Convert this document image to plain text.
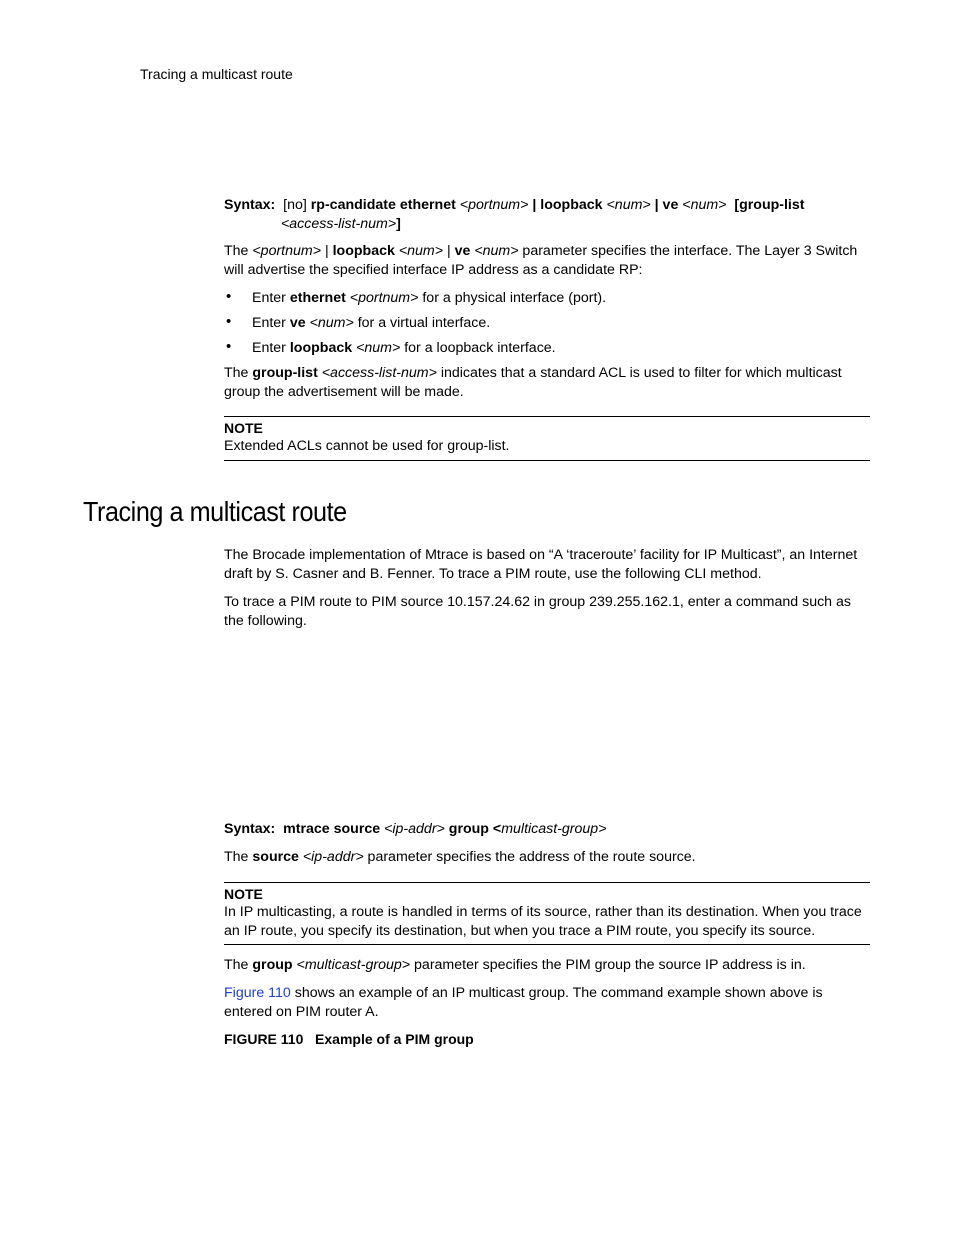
Tracing a multicast route
Syntax: [no] rp-candidate ethernet <portnum> | loopback <num> | ve <num> [group-list
<access-list-num>]
The <portnum> | loopback <num> | ve <num> parameter specifies the interface. The Layer 3 Switch will advertise the specified interface IP address as a candidate RP:
• Enter ethernet <portnum> for a physical interface (port).
• Enter ve <num> for a virtual interface.
• Enter loopback <num> for a loopback interface.
The group-list <access-list-num> indicates that a standard ACL is used to filter for which multicast group the advertisement will be made.
NOTE
Extended ACLs cannot be used for group-list.
Tracing a multicast route
The Brocade implementation of Mtrace is based on “A ‘traceroute’ facility for IP Multicast”, an Internet draft by S. Casner and B. Fenner. To trace a PIM route, use the following CLI method.
To trace a PIM route to PIM source 10.157.24.62 in group 239.255.162.1, enter a command such as the following.
Syntax: mtrace source <ip-addr> group <multicast-group>
The source <ip-addr> parameter specifies the address of the route source.
NOTE
In IP multicasting, a route is handled in terms of its source, rather than its destination. When you trace an IP route, you specify its destination, but when you trace a PIM route, you specify its source.
The group <multicast-group> parameter specifies the PIM group the source IP address is in.
Figure 110 shows an example of an IP multicast group. The command example shown above is entered on PIM router A.
FIGURE 110 Example of a PIM group
